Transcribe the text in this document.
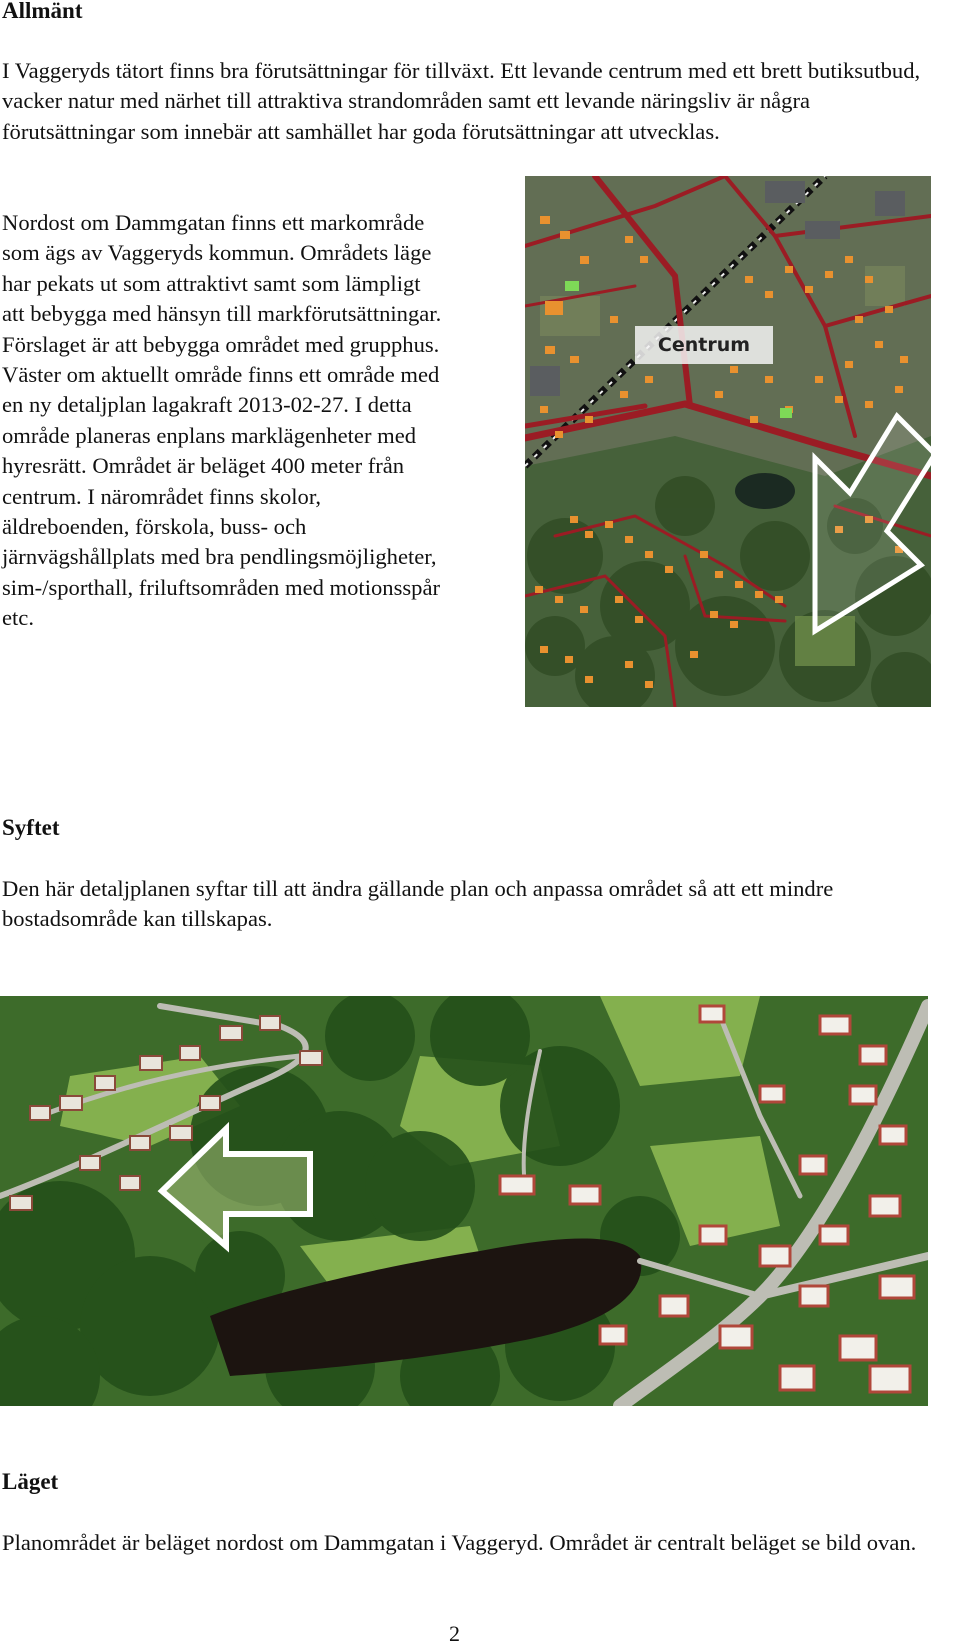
Allmänt

I Vaggeryds tätort finns bra förutsättningar för tillväxt. Ett levande centrum med ett brett butiksutbud, vacker natur med närhet till attraktiva strandområden samt ett levande näringsliv är några förutsättningar som innebär att samhället har goda förutsättningar att utvecklas.

Nordost om Dammgatan finns ett markområde som ägs av Vaggeryds kommun. Områdets läge har pekats ut som attraktivt samt som lämpligt att bebygga med hänsyn till markförutsättningar. Förslaget är att bebygga området med grupphus. Väster om aktuellt område finns ett område med en ny detaljplan lagakraft 2013-02-27. I detta område planeras enplans marklägenheter med hyresrätt. Området är beläget 400 meter från centrum. I närområdet finns skolor, äldreboenden, förskola, buss- och järnvägshållplats med bra pendlingsmöjligheter, sim-/sporthall, friluftsområden med motionsspår etc.

Centrum
Syftet

Den här detaljplanen syftar till att ändra gällande plan och anpassa området så att ett mindre bostadsområde kan tillskapas.

Läget

Planområdet är beläget nordost om Dammgatan i Vaggeryd. Området är centralt beläget se bild ovan.

2
